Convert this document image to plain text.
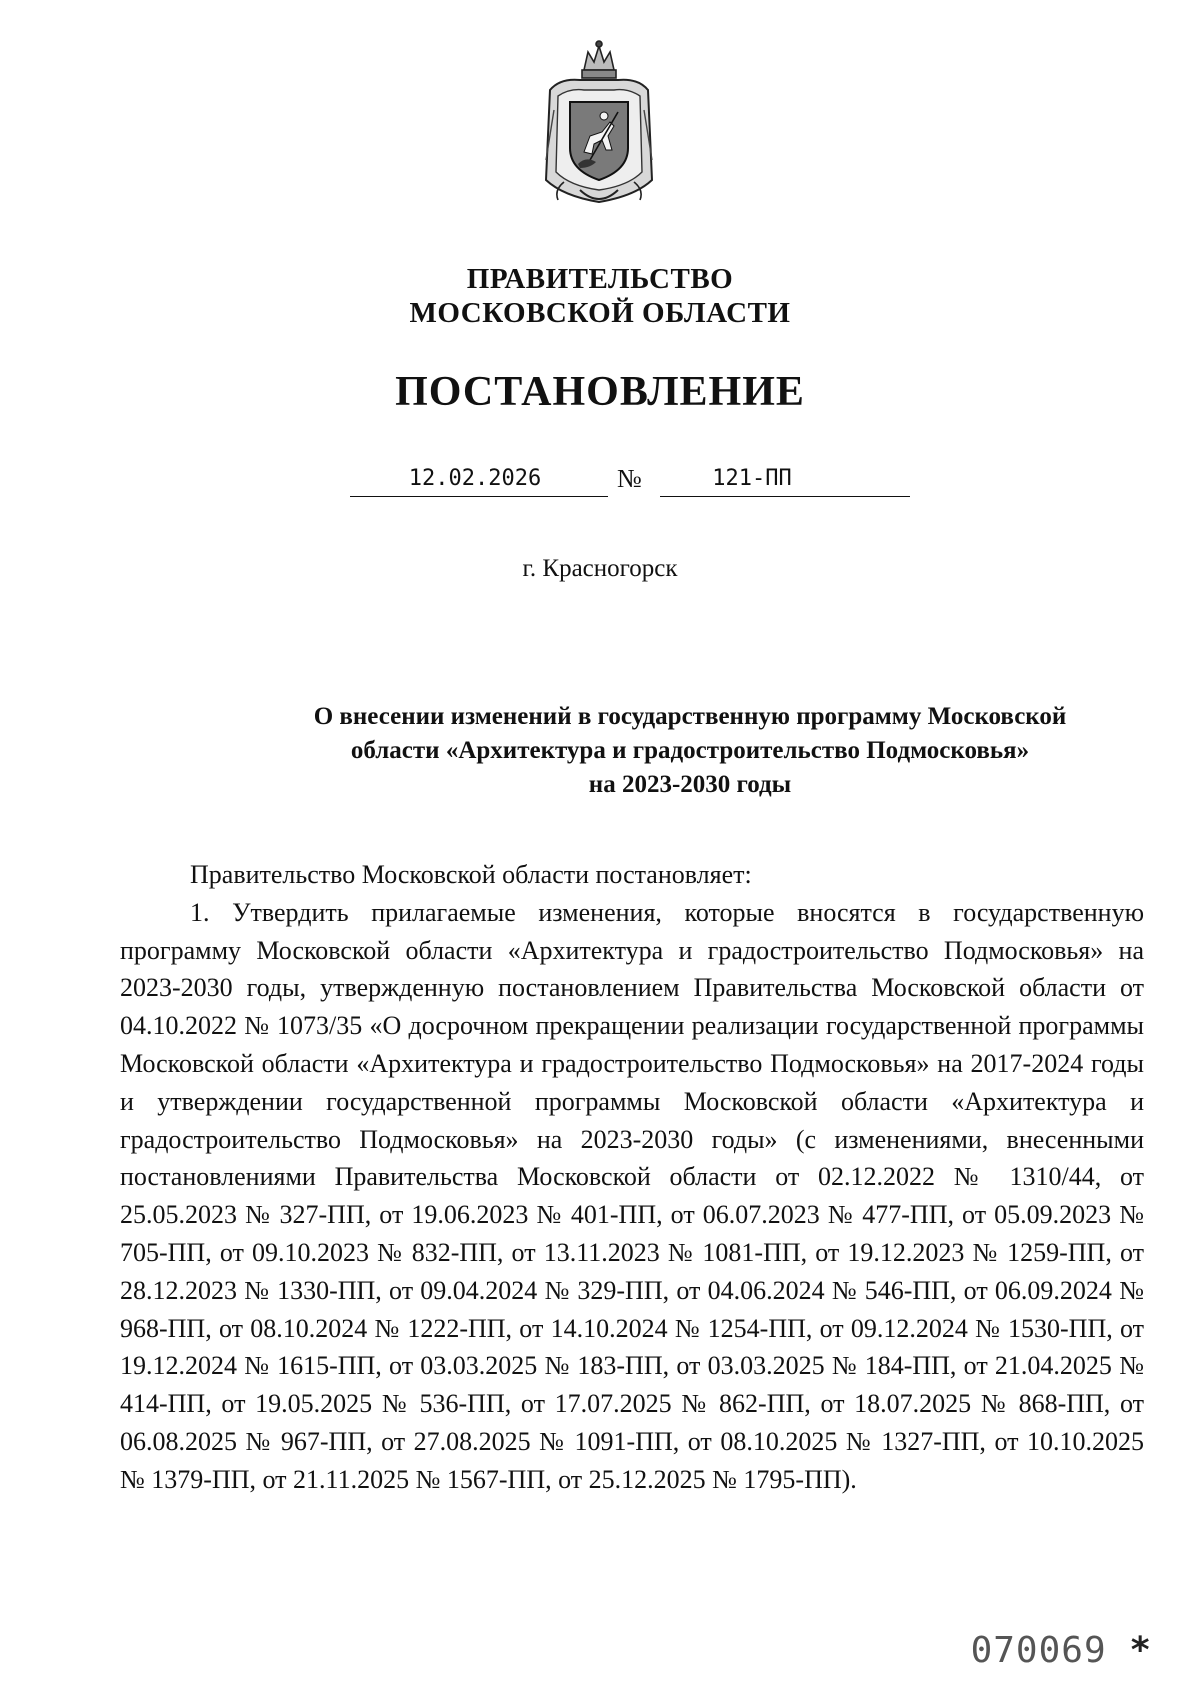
ПРАВИТЕЛЬСТВО
МОСКОВСКОЙ ОБЛАСТИ
ПОСТАНОВЛЕНИЕ
12.02.2026	№	121-ПП
г. Красногорск
О внесении изменений в государственную программу Московской
области «Архитектура и градостроительство Подмосковья»
на 2023-2030 годы

Правительство Московской области постановляет:

1. Утвердить прилагаемые изменения, которые вносятся в государственную программу Московской области «Архитектура и градостроительство Подмосковья» на 2023-2030 годы, утвержденную постановлением Правительства Московской области от 04.10.2022 № 1073/35 «О досрочном прекращении реализации государственной программы Московской области «Архитектура и градостроительство Подмосковья» на 2017-2024 годы и утверждении государственной программы Московской области «Архитектура и градостроительство Подмосковья» на 2023-2030 годы» (с изменениями, внесенными постановлениями Правительства Московской области от 02.12.2022 № 1310/44, от 25.05.2023 № 327-ПП, от 19.06.2023 № 401-ПП, от 06.07.2023 № 477-ПП, от 05.09.2023 № 705-ПП, от 09.10.2023 № 832-ПП, от 13.11.2023 № 1081-ПП, от 19.12.2023 № 1259-ПП, от 28.12.2023 № 1330-ПП, от 09.04.2024 № 329-ПП, от 04.06.2024 № 546-ПП, от 06.09.2024 № 968-ПП, от 08.10.2024 № 1222-ПП, от 14.10.2024 № 1254-ПП, от 09.12.2024 № 1530-ПП, от 19.12.2024 № 1615-ПП, от 03.03.2025 № 183-ПП, от 03.03.2025 № 184-ПП, от 21.04.2025 № 414-ПП, от 19.05.2025 № 536-ПП, от 17.07.2025 № 862-ПП, от 18.07.2025 № 868-ПП, от 06.08.2025 № 967-ПП, от 27.08.2025 № 1091-ПП, от 08.10.2025 № 1327-ПП, от 10.10.2025 № 1379-ПП, от 21.11.2025 № 1567-ПП, от 25.12.2025 № 1795-ПП).

070069 *
